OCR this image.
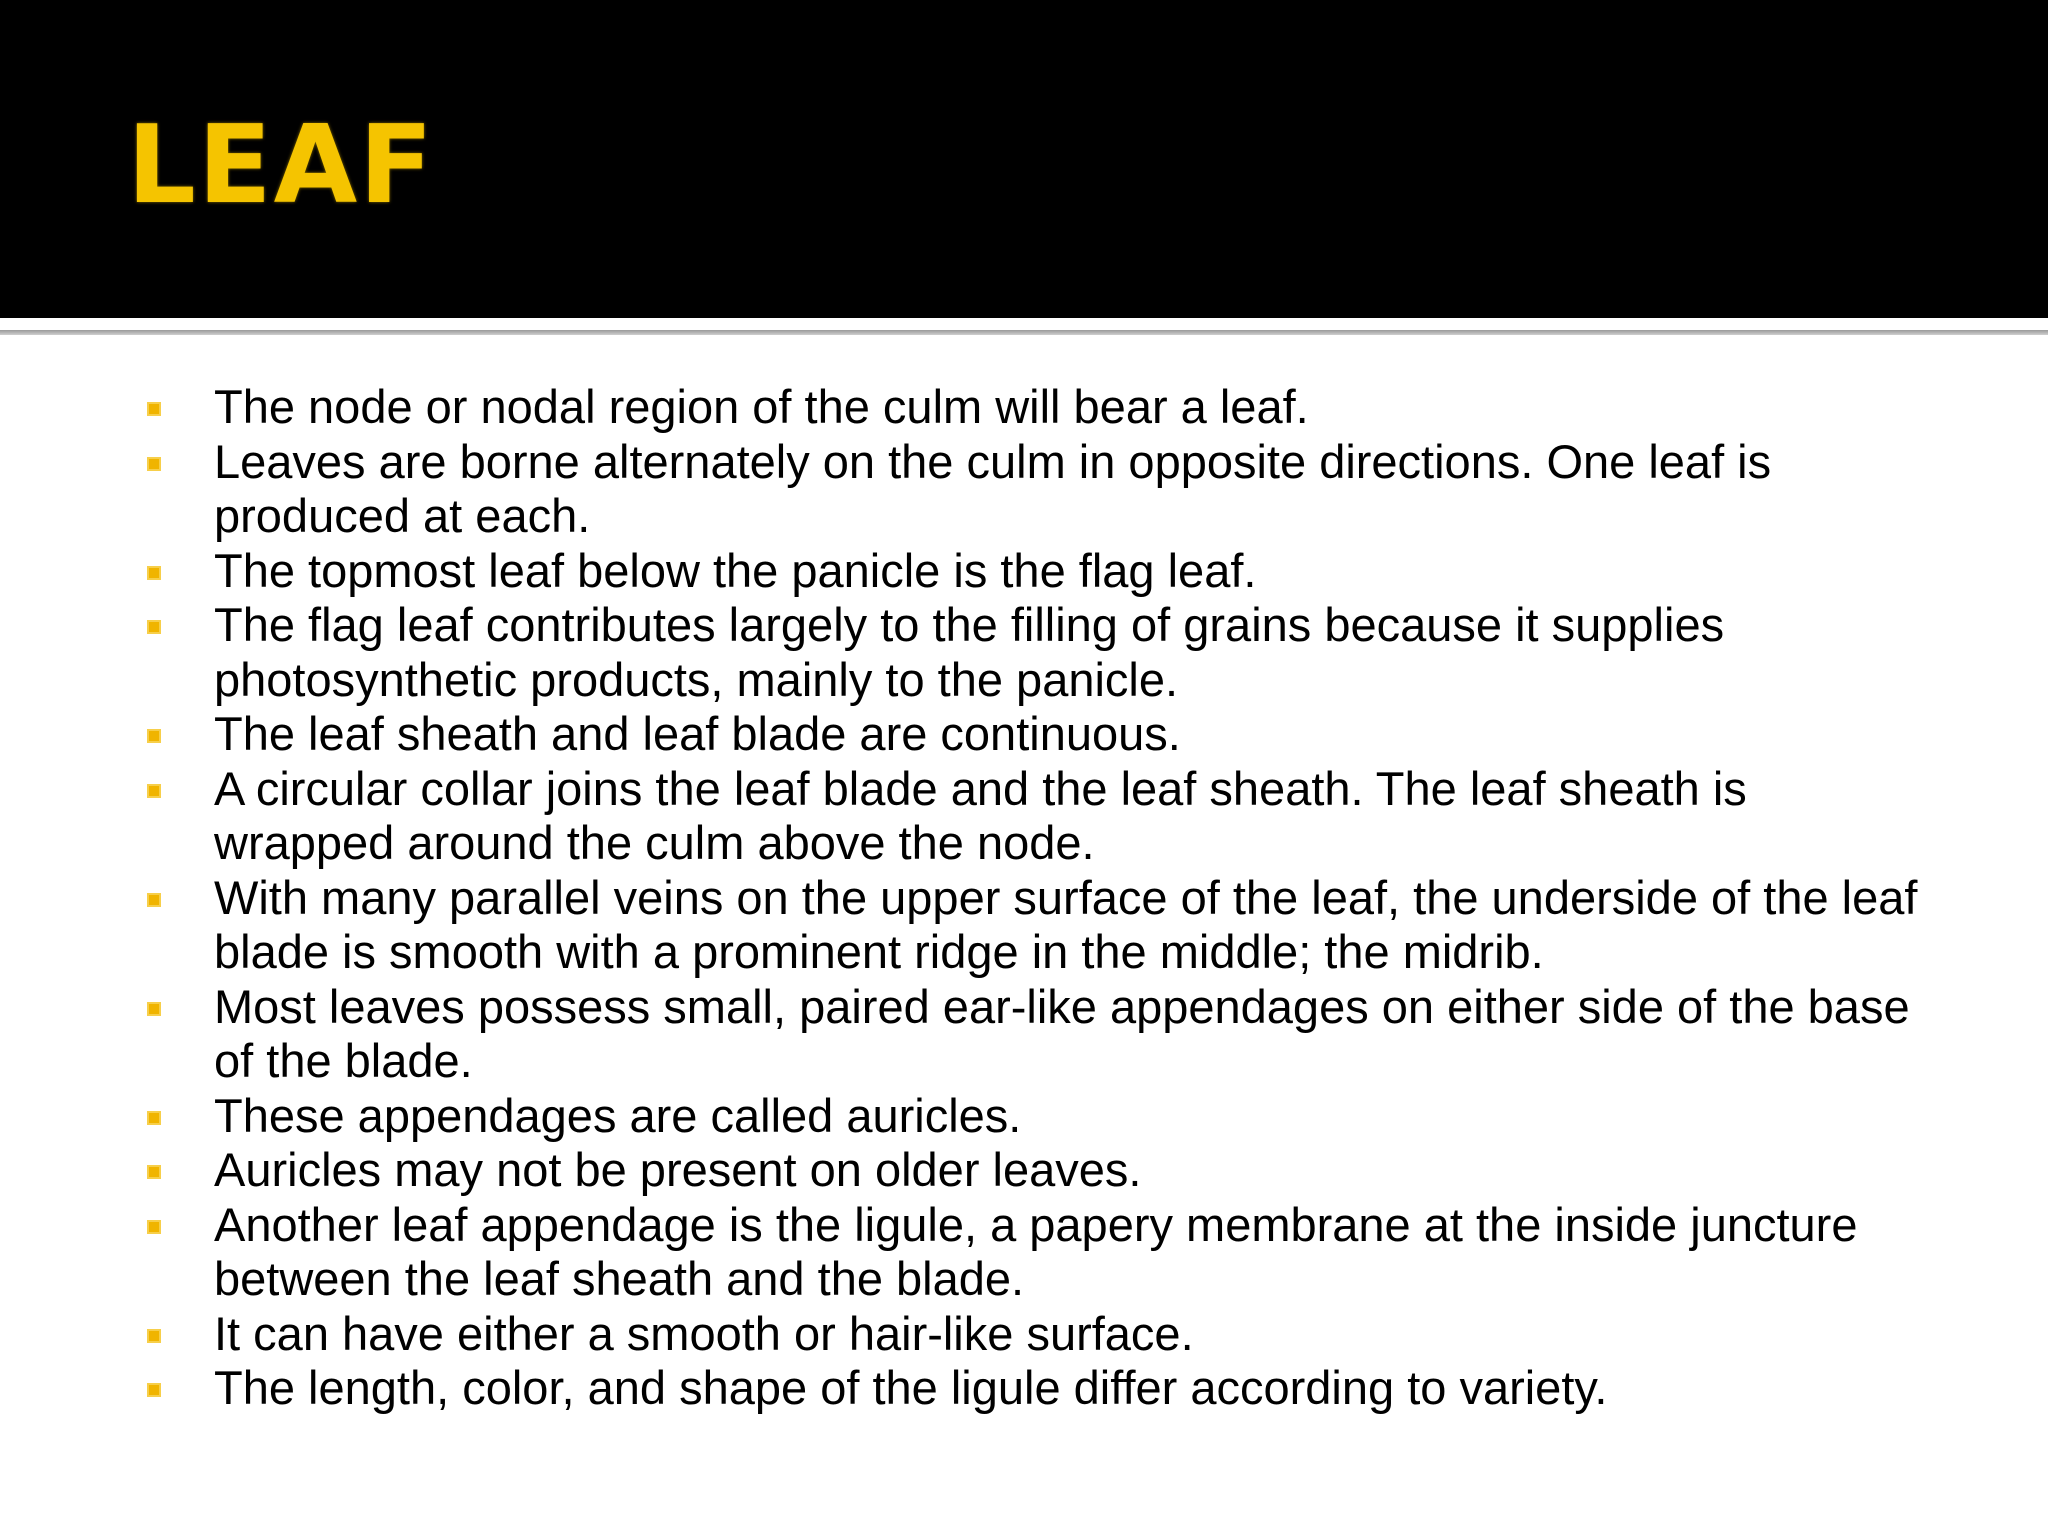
LEAF
The node or nodal region of the culm will bear a leaf.
Leaves are borne alternately on the culm in opposite directions. One leaf is produced at each.
The topmost leaf below the panicle is the flag leaf.
The flag leaf contributes largely to the filling of grains because it supplies photosynthetic products, mainly to the panicle.
The leaf sheath and leaf blade are continuous.
A circular collar joins the leaf blade and the leaf sheath. The leaf sheath is wrapped around the culm above the node.
With many parallel veins on the upper surface of the leaf, the underside of the leaf blade is smooth with a prominent ridge in the middle; the midrib.
Most leaves possess small, paired ear-like appendages on either side of the base of the blade.
These appendages are called auricles.
Auricles may not be present on older leaves.
Another leaf appendage is the ligule, a papery membrane at the inside juncture between the leaf sheath and the blade.
It can have either a smooth or hair-like surface.
The length, color, and shape of the ligule differ according to variety.
